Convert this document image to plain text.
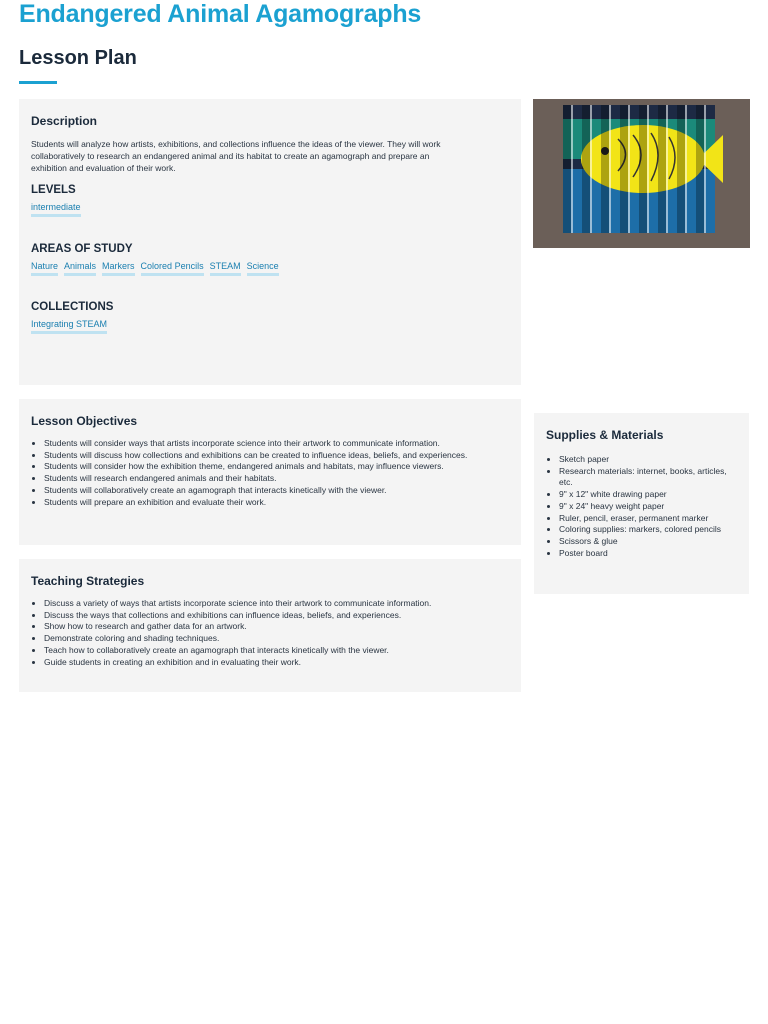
Endangered Animal Agamographs
Lesson Plan
Description

Students will analyze how artists, exhibitions, and collections influence the ideas of the viewer. They will work collaboratively to research an endangered animal and its habitat to create an agamograph and prepare an exhibition and evaluation of their work.

LEVELS
intermediate
AREAS OF STUDY
Nature Animals Markers Colored Pencils STEAM Science
COLLECTIONS
Integrating STEAM
Lesson Objectives
• Students will consider ways that artists incorporate science into their artwork to communicate information.
• Students will discuss how collections and exhibitions can be created to influence ideas, beliefs, and experiences.
• Students will consider how the exhibition theme, endangered animals and habitats, may influence viewers.
• Students will research endangered animals and their habitats.
• Students will collaboratively create an agamograph that interacts kinetically with the viewer.
• Students will prepare an exhibition and evaluate their work.
Teaching Strategies
• Discuss a variety of ways that artists incorporate science into their artwork to communicate information.
• Discuss the ways that collections and exhibitions can influence ideas, beliefs, and experiences.
• Show how to research and gather data for an artwork.
• Demonstrate coloring and shading techniques.
• Teach how to collaboratively create an agamograph that interacts kinetically with the viewer.
• Guide students in creating an exhibition and in evaluating their work.
Supplies & Materials
• Sketch paper
• Research materials: internet, books, articles, etc.
• 9" x 12" white drawing paper
• 9" x 24" heavy weight paper
• Ruler, pencil, eraser, permanent marker
• Coloring supplies: markers, colored pencils
• Scissors & glue
• Poster board
